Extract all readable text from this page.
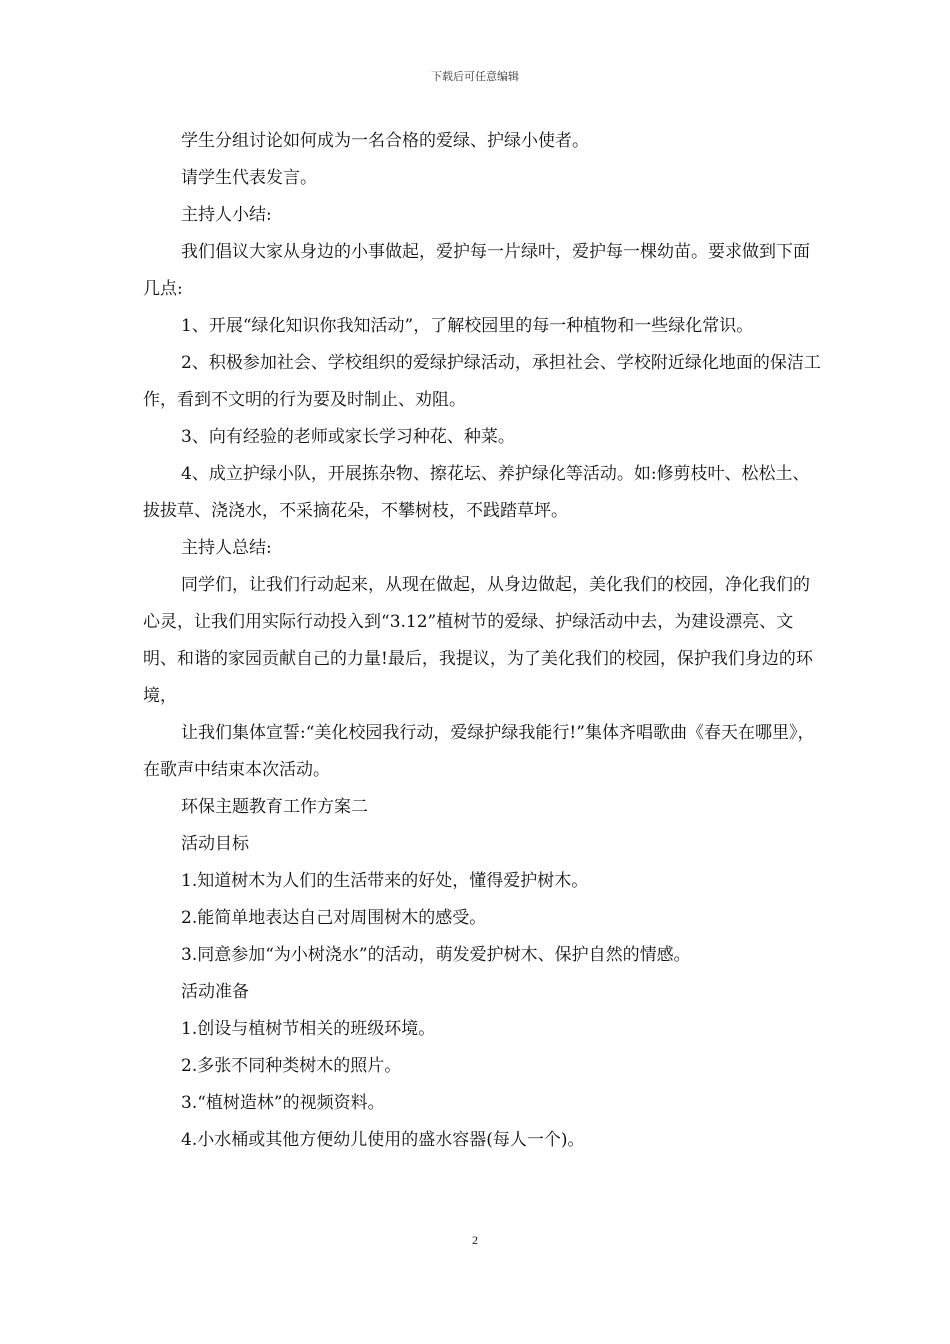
下载后可任意编辑

学生分组讨论如何成为一名合格的爱绿、护绿小使者。

请学生代表发言。

主持人小结:

我们倡议大家从身边的小事做起，爱护每一片绿叶，爱护每一棵幼苗。要求做到下面几点:

1、开展“绿化知识你我知活动”，了解校园里的每一种植物和一些绿化常识。

2、积极参加社会、学校组织的爱绿护绿活动，承担社会、学校附近绿化地面的保洁工作，看到不文明的行为要及时制止、劝阻。

3、向有经验的老师或家长学习种花、种菜。

4、成立护绿小队，开展拣杂物、擦花坛、养护绿化等活动。如:修剪枝叶、松松土、拔拔草、浇浇水，不采摘花朵，不攀树枝，不践踏草坪。

主持人总结:

同学们，让我们行动起来，从现在做起，从身边做起，美化我们的校园，净化我们的心灵，让我们用实际行动投入到“3.12”植树节的爱绿、护绿活动中去，为建设漂亮、文明、和谐的家园贡献自己的力量!最后，我提议，为了美化我们的校园，保护我们身边的环境，

让我们集体宣誓:“美化校园我行动，爱绿护绿我能行!”集体齐唱歌曲《春天在哪里》，在歌声中结束本次活动。

环保主题教育工作方案二

活动目标

1.知道树木为人们的生活带来的好处，懂得爱护树木。

2.能简单地表达自己对周围树木的感受。

3.同意参加“为小树浇水”的活动，萌发爱护树木、保护自然的情感。

活动准备

1.创设与植树节相关的班级环境。

2.多张不同种类树木的照片。

3.“植树造林”的视频资料。

4.小水桶或其他方便幼儿使用的盛水容器(每人一个)。

2
